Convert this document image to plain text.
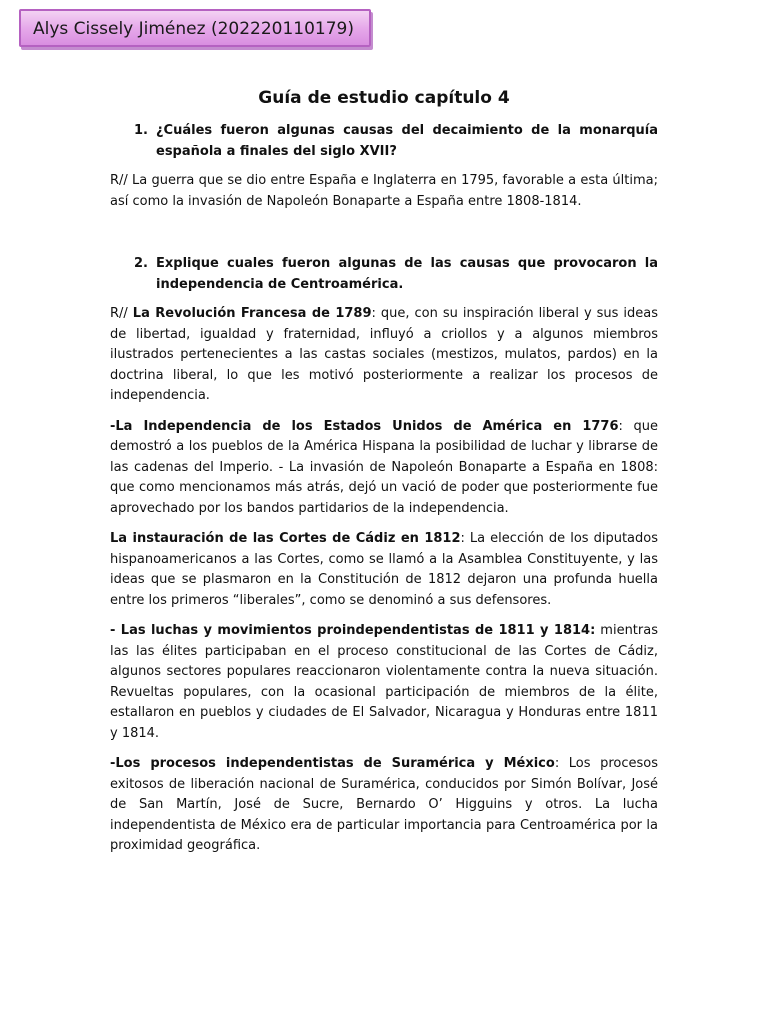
Alys Cissely Jiménez (202220110179)
Guía de estudio capítulo 4
1. ¿Cuáles fueron algunas causas del decaimiento de la monarquía española a finales del siglo XVII?

R// La guerra que se dio entre España e Inglaterra en 1795, favorable a esta última; así como la invasión de Napoleón Bonaparte a España entre 1808-1814.

2. Explique cuales fueron algunas de las causas que provocaron la independencia de Centroamérica.

R// La Revolución Francesa de 1789: que, con su inspiración liberal y sus ideas de libertad, igualdad y fraternidad, influyó a criollos y a algunos miembros ilustrados pertenecientes a las castas sociales (mestizos, mulatos, pardos) en la doctrina liberal, lo que les motivó posteriormente a realizar los procesos de independencia.

-La Independencia de los Estados Unidos de América en 1776: que demostró a los pueblos de la América Hispana la posibilidad de luchar y librarse de las cadenas del Imperio. - La invasión de Napoleón Bonaparte a España en 1808: que como mencionamos más atrás, dejó un vació de poder que posteriormente fue aprovechado por los bandos partidarios de la independencia.

La instauración de las Cortes de Cádiz en 1812: La elección de los diputados hispanoamericanos a las Cortes, como se llamó a la Asamblea Constituyente, y las ideas que se plasmaron en la Constitución de 1812 dejaron una profunda huella entre los primeros “liberales”, como se denominó a sus defensores.

- Las luchas y movimientos proindependentistas de 1811 y 1814: mientras las las élites participaban en el proceso constitucional de las Cortes de Cádiz, algunos sectores populares reaccionaron violentamente contra la nueva situación. Revueltas populares, con la ocasional participación de miembros de la élite, estallaron en pueblos y ciudades de El Salvador, Nicaragua y Honduras entre 1811 y 1814.

-Los procesos independentistas de Suramérica y México: Los procesos exitosos de liberación nacional de Suramérica, conducidos por Simón Bolívar, José de San Martín, José de Sucre, Bernardo O’ Higguins y otros. La lucha independentista de México era de particular importancia para Centroamérica por la proximidad geográfica.
